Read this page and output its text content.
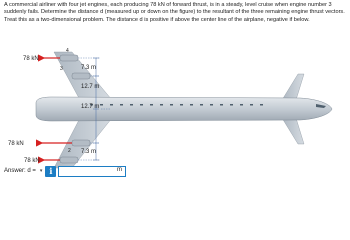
A commercial airliner with four jet engines, each producing 78 kN of forward thrust, is in a steady, level cruise when engine number 3 suddenly fails. Determine the distance d (measured up or down on the figure) to the resultant of the three remaining engine thrust vectors. Treat this as a two-dimensional problem. The distance d is positive if above the center line of the airplane, negative if below.

4
3
2
78 kN
78 kN
78 kN
7.3 m
12.7 m
12.7 m
7.3 m
Answer: d = ▾ i	m
